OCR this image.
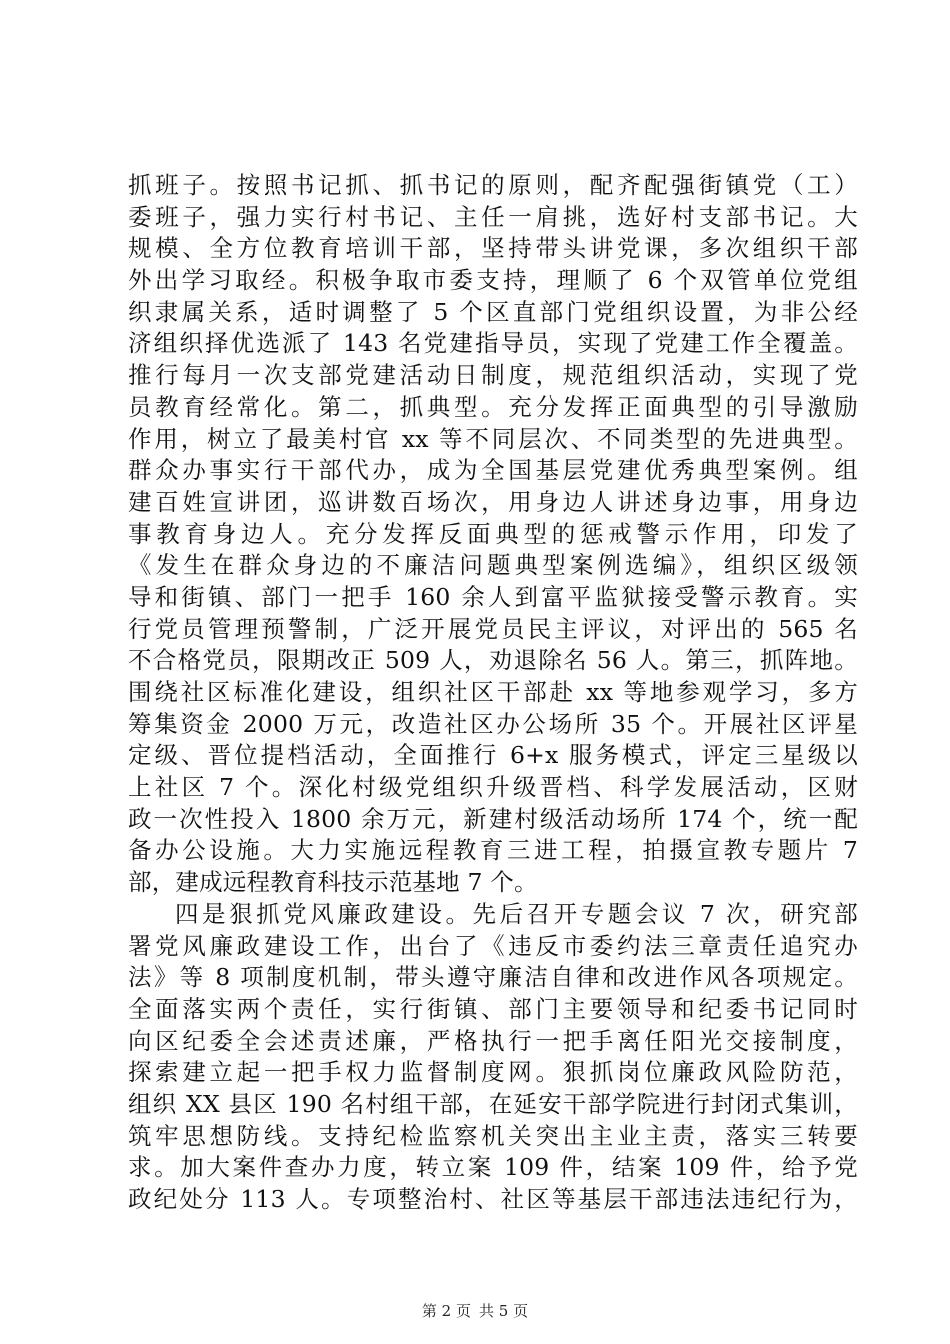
抓班子。按照书记抓、抓书记的原则，配齐配强街镇党（工）
委班子，强力实行村书记、主任一肩挑，选好村支部书记。大
规模、全方位教育培训干部，坚持带头讲党课，多次组织干部
外出学习取经。积极争取市委支持，理顺了 6 个双管单位党组
织隶属关系，适时调整了 5 个区直部门党组织设置，为非公经
济组织择优选派了 143 名党建指导员，实现了党建工作全覆盖。
推行每月一次支部党建活动日制度，规范组织活动，实现了党
员教育经常化。第二，抓典型。充分发挥正面典型的引导激励
作用，树立了最美村官 xx 等不同层次、不同类型的先进典型。
群众办事实行干部代办，成为全国基层党建优秀典型案例。组
建百姓宣讲团，巡讲数百场次，用身边人讲述身边事，用身边
事教育身边人。充分发挥反面典型的惩戒警示作用，印发了
《发生在群众身边的不廉洁问题典型案例选编》，组织区级领
导和街镇、部门一把手 160 余人到富平监狱接受警示教育。实
行党员管理预警制，广泛开展党员民主评议，对评出的 565 名
不合格党员，限期改正 509 人，劝退除名 56 人。第三，抓阵地。
围绕社区标准化建设，组织社区干部赴 xx 等地参观学习，多方
筹集资金 2000 万元，改造社区办公场所 35 个。开展社区评星
定级、晋位提档活动，全面推行 6+x 服务模式，评定三星级以
上社区 7 个。深化村级党组织升级晋档、科学发展活动，区财
政一次性投入 1800 余万元，新建村级活动场所 174 个，统一配
备办公设施。大力实施远程教育三进工程，拍摄宣教专题片 7
部，建成远程教育科技示范基地 7 个。
四是狠抓党风廉政建设。先后召开专题会议 7 次，研究部
署党风廉政建设工作，出台了《违反市委约法三章责任追究办
法》等 8 项制度机制，带头遵守廉洁自律和改进作风各项规定。
全面落实两个责任，实行街镇、部门主要领导和纪委书记同时
向区纪委全会述责述廉，严格执行一把手离任阳光交接制度，
探索建立起一把手权力监督制度网。狠抓岗位廉政风险防范，
组织 XX 县区 190 名村组干部，在延安干部学院进行封闭式集训，
筑牢思想防线。支持纪检监察机关突出主业主责，落实三转要
求。加大案件查办力度，转立案 109 件，结案 109 件，给予党
政纪处分 113 人。专项整治村、社区等基层干部违法违纪行为，
第 2 页 共 5 页
